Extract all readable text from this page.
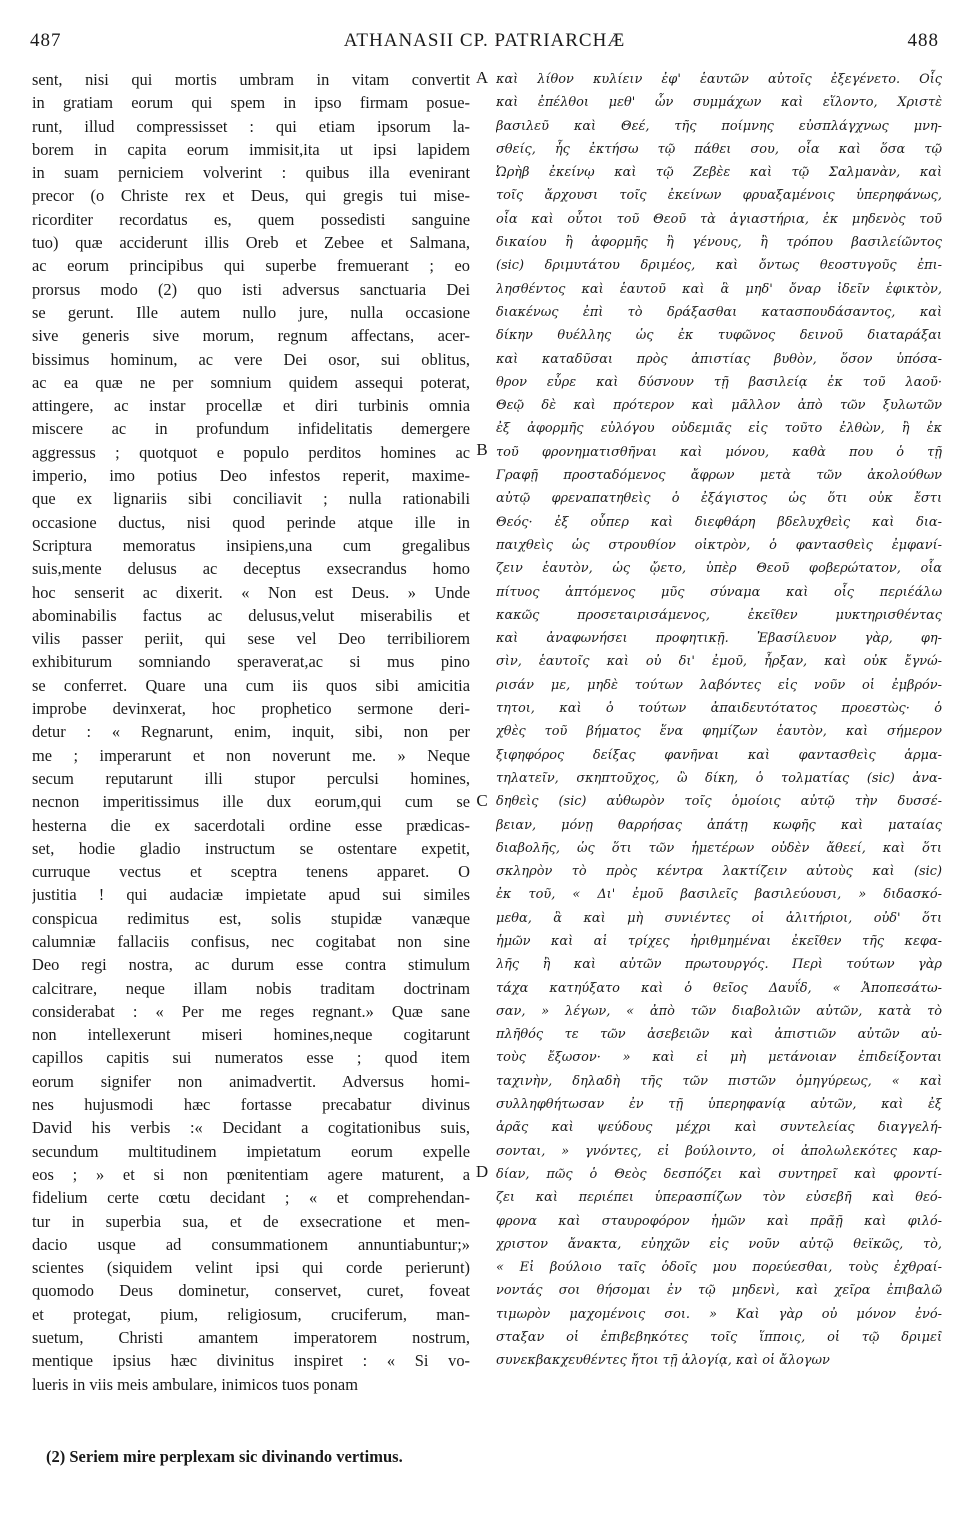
487	ATHANASII CP. PATRIARCHÆ	488
sent, nisi qui mortis umbram in vitam convertit
in gratiam eorum qui spem in ipso firmam posue-
runt, illud compressisset : qui etiam ipsorum la-
borem in capita eorum immisit,ita ut ipsi lapidem
in suam perniciem volverint : quibus illa evenirant
precor (o Christe rex et Deus, qui gregis tui mise-
ricorditer recordatus es, quem possedisti sanguine
tuo) quæ acciderunt illis Oreb et Zebee et Salmana,
ac eorum principibus qui superbe fremuerant ; eo
prorsus modo (2) quo isti adversus sanctuaria Dei
se gerunt. Ille autem nullo jure, nulla occasione
sive generis sive morum, regnum affectans, acer-
bissimus hominum, ac vere Dei osor, sui oblitus,
ac ea quæ ne per somnium quidem assequi poterat,
attingere, ac instar procellæ et diri turbinis omnia
miscere ac in profundum infidelitatis demergere
aggressus ; quotquot e populo perditos homines ac
imperio, imo potius Deo infestos reperit, maxime-
que ex lignariis sibi conciliavit ; nulla rationabili
occasione ductus, nisi quod perinde atque ille in
Scriptura memoratus insipiens,una cum gregalibus
suis,mente delusus ac deceptus exsecrandus homo
hoc senserit ac dixerit. « Non est Deus. » Unde
abominabilis factus ac delusus,velut miserabilis et
vilis passer periit, qui sese vel Deo terribiliorem
exhibiturum somniando speraverat,ac si mus pino
se conferret. Quare una cum iis quos sibi amicitia
improbe devinxerat, hoc prophetico sermone deri-
detur : « Regnarunt, enim, inquit, sibi, non per
me ; imperarunt et non noverunt me. » Neque
secum reputarunt illi stupor perculsi homines,
necnon imperitissimus ille dux eorum,qui cum se
hesterna die ex sacerdotali ordine esse prædicas-
set, hodie gladio instructum se ostentare expetit,
curruque vectus et sceptra tenens apparet. O
justitia ! qui audaciæ impietate apud sui similes
conspicua redimitus est, solis stupidæ vanæque
calumniæ fallaciis confisus, nec cogitabat non sine
Deo regi nostra, ac durum esse contra stimulum
calcitrare, neque illam nobis traditam doctrinam
considerabat : « Per me reges regnant.» Quæ sane
non intellexerunt miseri homines,neque cogitarunt
capillos capitis sui numeratos esse ; quod item
eorum signifer non animadvertit. Adversus homi-
nes hujusmodi hæc fortasse precabatur divinus
David his verbis :« Decidant a cogitationibus suis,
secundum multitudinem impietatum eorum expelle
eos ; » et si non pœnitentiam agere maturent, a
fidelium certe cœtu decidant ; « et comprehendan-
tur in superbia sua, et de exsecratione et men-
dacio usque ad consummationem annuntiabuntur;»
scientes (siquidem velint ipsi qui corde perierunt)
quomodo Deus dominetur, conservet, curet, foveat
et protegat, pium, religiosum, cruciferum, man-
suetum, Christi amantem imperatorem nostrum,
mentique ipsius hæc divinitus inspiret : « Si vo-
lueris in viis meis ambulare, inimicos tuos ponam
καὶ λίθον κυλίειν ἐφ' ἑαυτῶν αὐτοῖς ἐξεγένετο. Οἷς
καὶ ἐπέλθοι μεθ' ὧν συμμάχων καὶ εἵλοντο, Χριστὲ
βασιλεῦ καὶ Θεέ, τῆς ποίμνης εὐσπλάγχνως μνη-
σθείς, ἧς ἐκτήσω τῷ πάθει σου, οἷα καὶ ὅσα τῷ
Ὠρὴβ ἐκείνῳ καὶ τῷ Ζεβὲε καὶ τῷ Σαλμανὰν, καὶ
τοῖς ἄρχουσι τοῖς ἐκείνων φρυαξαμένοις ὑπερηφάνως,
οἷα καὶ οὗτοι τοῦ Θεοῦ τὰ ἁγιαστήρια, ἐκ μηδενὸς τοῦ
δικαίου ἢ ἀφορμῆς ἢ γένους, ἢ τρόπου βασιλείῶντος
(sic) δριμυτάτου δριμέος, καὶ ὄντως θεοστυγοῦς ἐπι-
λησθέντος καὶ ἑαυτοῦ καὶ ἃ μηδ' ὄναρ ἰδεῖν ἐφικτὸν,
διακένως ἐπὶ τὸ δράξασθαι κατασπουδάσαντος, καὶ
δίκην θυέλλης ὡς ἐκ τυφῶνος δεινοῦ διαταράξαι
καὶ καταδῦσαι πρὸς ἀπιστίας βυθὸν, ὅσον ὑπόσα-
θρον εὗρε καὶ δύσνουν τῇ βασιλείᾳ ἐκ τοῦ λαοῦ·
Θεῷ δὲ καὶ πρότερον καὶ μᾶλλον ἀπὸ τῶν ξυλωτῶν
ἐξ ἀφορμῆς εὐλόγου οὐδεμιᾶς εἰς τοῦτο ἐλθὼν, ἢ ἐκ
τοῦ φρονηματισθῆναι καὶ μόνου, καθὰ που ὁ τῇ
Γραφῇ προσταδόμενος ἄφρων μετὰ τῶν ἀκολούθων
αὐτῷ φρεναπατηθεὶς ὁ ἐξάγιστος ὡς ὅτι οὐκ ἔστι
Θεός· ἐξ οὗπερ καὶ διεφθάρη βδελυχθεὶς καὶ δια-
παιχθεὶς ὡς στρουθίον οἰκτρὸν, ὁ φαντασθεὶς ἐμφανί-
ζειν ἑαυτὸν, ὡς ᾤετο, ὑπὲρ Θεοῦ φοβερώτατον, οἷα
πίτυος ἁπτόμενος μῦς σύναμα καὶ οἷς περιέάλω
κακῶς προσεταιρισάμενος, ἐκεῖθεν μυκτηρισθέντας
καὶ ἀναφωνήσει προφητικῇ. Ἐβασίλευον γὰρ, φη-
σὶν, ἑαυτοῖς καὶ οὐ δι' ἐμοῦ, ἦρξαν, καὶ οὐκ ἔγνώ-
ρισάν με, μηδὲ τούτων λαβόντες εἰς νοῦν οἱ ἐμβρόν-
τητοι, καὶ ὁ τούτων ἀπαιδευτότατος προεστὼς· ὁ
χθὲς τοῦ βήματος ἕνα φημίζων ἑαυτὸν, καὶ σήμερον
ξιφηφόρος δείξας φανῆναι καὶ φαντασθεὶς ἁρμα-
τηλατεῖν, σκηπτοῦχος, ὢ δίκη, ὁ τολματίας (sic) ἀνα-
δηθεὶς (sic) αὐθωρὸν τοῖς ὁμοίοις αὐτῷ τὴν δυσσέ-
βειαν, μόνῃ θαρρήσας ἀπάτῃ κωφῆς καὶ ματαίας
διαβολῆς, ὡς ὅτι τῶν ἡμετέρων οὐδὲν ἄθεεί, καὶ ὅτι
σκληρὸν τὸ πρὸς κέντρα λακτίζειν αὐτοὺς καὶ (sic)
ἐκ τοῦ, « Δι' ἐμοῦ βασιλεῖς βασιλεύουσι, » διδασκό-
μεθα, ἃ καὶ μὴ συνιέντες οἱ ἀλιτήριοι, οὐδ' ὅτι
ἡμῶν καὶ αἱ τρίχες ἠριθμημέναι ἐκεῖθεν τῆς κεφα-
λῆς ἢ καὶ αὐτῶν πρωτουργός. Περὶ τούτων γὰρ
τάχα κατηύξατο καὶ ὁ θεῖος Δαυΐδ, « Ἀποπεσάτω-
σαν, » λέγων, « ἀπὸ τῶν διαβολιῶν αὐτῶν, κατὰ τὸ
πλῆθός τε τῶν ἀσεβειῶν καὶ ἀπιστιῶν αὐτῶν αὐ-
τοὺς ἔξωσον· » καὶ εἰ μὴ μετάνοιαν ἐπιδείξονται
ταχινὴν, δηλαδὴ τῆς τῶν πιστῶν ὁμηγύρεως, « καὶ
συλληφθήτωσαν ἐν τῇ ὑπερηφανίᾳ αὐτῶν, καὶ ἐξ
ἀρᾶς καὶ ψεύδους μέχρι καὶ συντελείας διαγγελή-
σονται, » γνόντες, εἰ βούλοιντο, οἱ ἀπολωλεκότες καρ-
δίαν, πῶς ὁ Θεὸς δεσπόζει καὶ συντηρεῖ καὶ φροντί-
ζει καὶ περιέπει ὑπερασπίζων τὸν εὐσεβῆ καὶ θεό-
φρονα καὶ σταυροφόρον ἡμῶν καὶ πρᾶῇ καὶ φιλό-
χριστον ἄνακτα, εὐηχῶν εἰς νοῦν αὐτῷ θεϊκῶς, τὸ,
« Εἰ βούλοιο ταῖς ὁδοῖς μου πορεύεσθαι, τοὺς ἐχθραί-
νοντάς σοι θήσομαι ἐν τῷ μηδενὶ, καὶ χεῖρα ἐπιβαλῶ
τιμωρὸν μαχομένοις σοι. » Καὶ γὰρ οὐ μόνον ἐνό-
σταξαν οἱ ἐπιβεβηκότες τοῖς ἵπποις, οἱ τῷ δριμεῖ
συνεκβακχευθέντες ἤτοι τῇ ἀλογίᾳ, καὶ οἱ ἄλογων
A
B
C
D
(2) Seriem mire perplexam sic divinando vertimus.
